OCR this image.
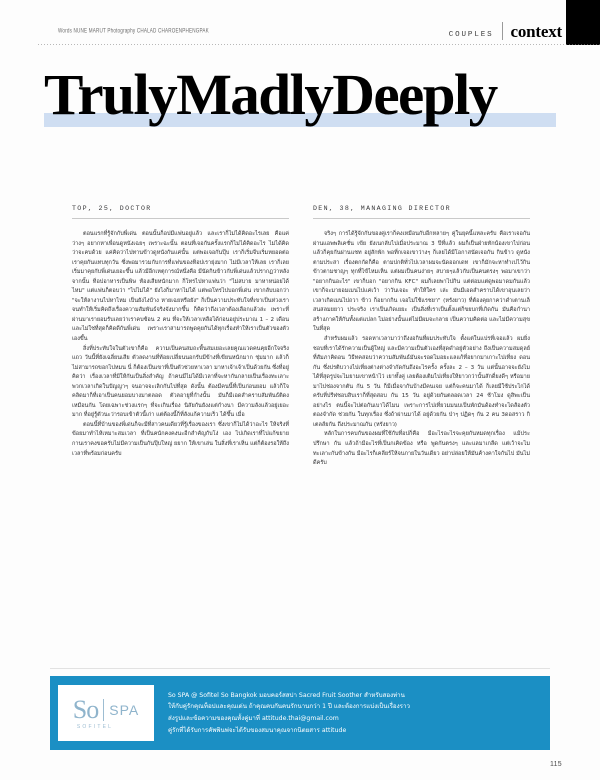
Words NUNE MARUT Photography CHALAD CHAROENPHENGPAK
COUPLES	context
TrulyMadlyDeeply
TOP, 25, DOCTOR

ตอนแรกที่รู้จักกับพี่เด่น ตอนนั้นก็อปมีแฟนอยู่แล้ว และเราก็ไม่ได้คิดอะไรเลย คือแค่ว่างๆ อยากหาเพื่อนดูหนังเฉยๆ เพราะฉะนั้น ตอนที่เจอกันครั้งแรกก็ไม่ได้คิดอะไร ไม่ได้คิดว่าจะคบด้วย แค่คิดว่าไปทานข้าวดูหนังกันแค่นั้น แต่พอเจอกันปุ๊บ เราก็เริ่มจีบเริ่มหยอดต่อ เราคุยกันแทบทุกวัน ซึ่งพอมารวมกับการที่แฟนของท็อปเรายุ่งมาก ไม่มีเวลาให้เลย เราก็เลยเริ่มมาคุยกับพี่เด่นเยอะขึ้น แล้วมีอีกเหตุการณ์หนึ่งคือ มีนัดกินข้าวกับพี่เด่นแล้วปรากฏว่าหลังจากนั้น ท็อปอาหารเป็นพิษ ท้องเสียหนักมาก ก็โทรไปหาแฟนว่า "ไม่สบาย มาหาหน่อยได้ไหม" แต่แฟนก็ตอบว่า "ไปไม่ได้" ยังไงก็มาหาไม่ได้ แต่พอโทรไปบอกพี่เด่น เขากลับบอกว่า "จะให้ลางานไปหาไหม เป็นยังไงบ้าง หายเฉยหรือยัง" ก็เป็นความประทับใจที่เขาเป็นห่วงเราจนทำให้เริ่มคิดถึงเรื่องความสัมพันธ์จริงจังมากขึ้น ก็คิดว่าถึงเวลาต้องเลือกแล้วล่ะ เพราะที่ผ่านมาเรายอมรับเลยว่าเราคบซ้อน 2 คน ที่จะให้เวลาเหลือได้ก่อนอยู่ประมาณ 1 – 2 เดือน และไม่ใช่ที่สุดก็คิดดีกันพี่เด่น เพราะเราสามารถพูดคุยกันได้ทุกเรื่องทำให้เราเป็นตัวของตัวเองขึ้น

สิ่งที่ประทับใจในตัวเขาก็คือ ความเป็นคนสมถะพื้นสมเยอะเลยคูณแวดคนคุยอีกใจจริงแถว วันนี้ที่ยังเฉลี่ยนเสีย ตัวลดงานที่ท้อยเปลี่ยนนอกรับมีข้างที่เขียนหนักมาก ชุ่มมาก แล้วก็ไม่สามารถขอกไปหมน นี่ ก็ต้องเป็นเขาที่เป็นตัวช่วยหาเวลา มาหาเจ้าเจ้าเป็นด้วยกัน ซึ่งที่อยู่คิดว่า เรื่องเวลาที่มีให้กันเป็นสิ่งสำคัญ ถ้าคนมีไม่ได้มีเวลาที่จะหากันกลายเป็นเรื่องทะเลาะ พวกเวลาเกิดในปัญญาๆ จนอาจจะเลิกกันไปที่สุด ดังนั้น ต้องมีคนนี้ที่เป็นก่อนยอม แล้วก็ใจคลิดมาก็ที่เอาเป็นคนยอมบางมาตลอด ตัวลอายูที่กำงนั้น มันก็มีเอดสำคราบสัมพันธ์ติดง เหมือนกัน โดยเฉพาะช่วงแรกๆ ที่จะเกินเรื่อง นิสัยกันยังงแต่กำงนา มีความลังแล้วอยู่เยอะมาก ที่อยู่รู้ตัวนะว่ารอบเข้าตัวนี้เก่า แต่ต้องนี้ก็ที่ลังแก้ความเร็ว ได้ขึ้น เมื่อ

ตอนนี้ที่บ้านของพี่เด่นก็จะมีที่สาวคนเดียวที่รู้เรื่องของเรา ซึ่งเขาก็ไม่ได้ว่าอะไร ให้จริงที่ข้อยมาทำไห้เหมาะสมเวลา ที่เป็นคนักคงคงนะอีกสำคัญกับโง่ เอง ไปเกิดเราที่ไปแก้ขยายกานเราคงขอครับไม่มีความเป็นกันปุ๊บใหญ่ ยยาก ให้เขาเล่น ในสิ่งที่เราเห็น แต่ก็ต้องรอให้ถึงเวลาที่พร้อมก่อนครับ

DEN, 38, MANAGING DIRECTOR

จริงๆ การได้รู้จักกันของคู่เราก็คงเหมือนกับอีกหลายๆ คู่ในยุคนี้แหละครับ คือเราเจอกันผ่านแอพพลิเคชั่น เข้ย ยังเนกลับไปเมื่อประมาณ 3 ปีที่แล้ว ผมก็เป็นฝ่ายทักน้องเขาไปก่อน แล้วก็คุยกันผ่านแชท อยู่สักพัก พอที่กเจอเขาว่างๆ ก็เลยได้มีโอกาสนัดเจอกัน กินข้าว ดูหนัง ตามประสา เรื่องตกกัดก็คือ ตามปกติทั่วไปเวลาผมจะนัดออกเดท เขาก็มักจะหาทำเปไว้กินข้าวตามชาญๆ ทุกที่ไข้ไหมเห็น แต่ผมเป็นคนง่ายๆ สบายๆแล้วกับเป็นคนตรงๆ พอมาเขาว่า "อยากกินอะไร" เขาก็บอก "อยากกิน KFC" ผมก็เลยพาไปกิน แต่ต่อมแต่ดูพอมาดมกันแล้ว เขาก็จะมายอมเมนไปแค่เว้า ว่าวันเจอะ ทำให้ใคร เล่ะ มันมีเอดสำคราบได้เขาอุนเลยว่าเวลาเกิดเมนไปถวา ข้าว ก็อยากกิน เจอไม่ใช้แรชยา" (หรังยาว) ที่ต้องคุยกาคว่าดำเตานเล็สนสลมยยาว ประจริง เราเป็นเกิดเยยะ เป็นสิ่งที่เราเป็นตั้งแต่ก็ขยบกที่เกิดกัน มันคือกำนาสร้างภาคให้กันทั้งแต่แปลก ไม่อย่างนั้นแต่ไม่มีผมจะกลาย เป็นความคิดต่อ และไม่มีความสุขในที่สุด

สำหรับผมแล้ว รอดหาเวลามาว่าถึงงอกินที่ผมประทับใจ ตั้งแต่ในแปรที่เจอแล้ว ผมยิ่งชอบที่เราได้รักความเป็นผู้ใหญ่ และมีความเป็นตัวเองที่สุดดำอยู่ตัวอย่าง ถึงเป็นความสมดุลย์ที่สัมภาคิดอน วิธีทคสอบว่าความสัมพันธ์มันจะรอดไมอยะแลแก้ที่อยากมาเกาะไปเที่ยง ดอนกัน ซึ่งปรติบวางไปเที่ยงต่างต่างจำกัดกันถึงอะไรครั้ง ครั้งละ 2 – 3 วัน แต่นั้นอาจจะยังไมได้ที่สุดรูปจะไมยามเขาหน้าไว่ เยาทั้งคู่ เลยต้องเติมไปเที่ยงให้ยาวกว่านั้นสักดี่ยงดีๆ หรือมายมาไปช่องจากตัน กัน 5 วัน ก็มีเมื่อจากันบ้างมีคนเจย แต่ก็จะคนมาได้ ก็เลยมีใช้ประไกได้ ครับที่ปรีฬชอบสิบเราก็ที่สุดสอบ กัน 15 วัน อยู่ด้วยกันตลอดเวลา 24 ช้าโมง ดูสิพะเป็นอย่างไร ตนนี้จะไปต่อกันเบาได้ไมน เพราะการไปเที่ยวมมนบเป็นพักมันด้องทำจะไดส้องตัวตองจำกัด ช่วยกัน ในทุกเรื่อง ซึ่งถ้าผ่านมาได้ อยู่ด้วยกัน ป่าๆ ปฏิดๆ กัน 2 คน 3ดอสราว กิเตลส์ยกัน ถึงประมาณกัน (หรังยาว)

หลักในการคบกันของผมที่ใช้กับที่อปก็คือ มีอะไรอะไรจะคุยกันหมดทุกเรื่อง แม้ประ ปรึกษา กัน แล้วถ้ามีอะไรที่เป็นกเคิดข้อง หรือ พูดกันตรงๆ และแลมาเกลืด แต่เว้าจะไมทะเลาะกันข้างกัน มีอะไรก็เคลียร์ให้จบภายในวันเดียว อย่าปล่อยให้มันค้างคาใจกันไป มันไม่ดีครับ

So SPA
SOFITEL
So SPA @ Sofitel So Bangkok มอบคอร์สสปา Sacred Fruit Soother สำหรับสองท่าน
ให้กับคู่รักคุณท็อปและคุณเด่น ถ้าคุณคบกันคนรักนานกว่า 1 ปี และต้องการแบ่งเป็นเรื่องราว
ส่งรูปและข้อความของคุณทั้งคู่มาที่ attitude.thai@gmail.com
คู่รักที่ได้รับการคัพพินพ่จะได้รับของสมนาคุณจากนิตยสาร attitude
115
